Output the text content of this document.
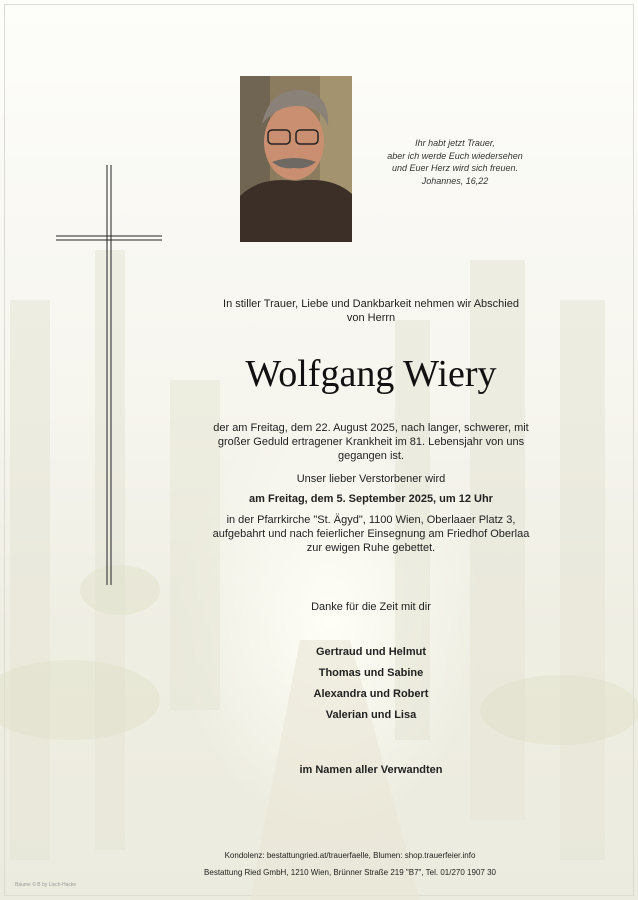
Ihr habt jetzt Trauer,
aber ich werde Euch wiedersehen
und Euer Herz wird sich freuen.
Johannes, 16,22
In stiller Trauer, Liebe und Dankbarkeit nehmen wir Abschied
von Herrn
Wolfgang Wiery
der am Freitag, dem 22. August 2025, nach langer, schwerer, mit
großer Geduld ertragener Krankheit im 81. Lebensjahr von uns
gegangen ist.
Unser lieber Verstorbener wird
am Freitag, dem 5. September 2025, um 12 Uhr
in der Pfarrkirche "St. Ägyd", 1100 Wien, Oberlaaer Platz 3,
aufgebahrt und nach feierlicher Einsegnung am Friedhof Oberlaa
zur ewigen Ruhe gebettet.
Danke für die Zeit mit dir
Gertraud und Helmut
Thomas und Sabine
Alexandra und Robert
Valerian und Lisa
im Namen aller Verwandten
Kondolenz: bestattungried.at/trauerfaelle, Blumen: shop.trauerfeier.info
Bestattung Ried GmbH, 1210 Wien, Brünner Straße 219 "B7", Tel. 01/270 1907 30
Bäume © B by Lisch-Hacke
